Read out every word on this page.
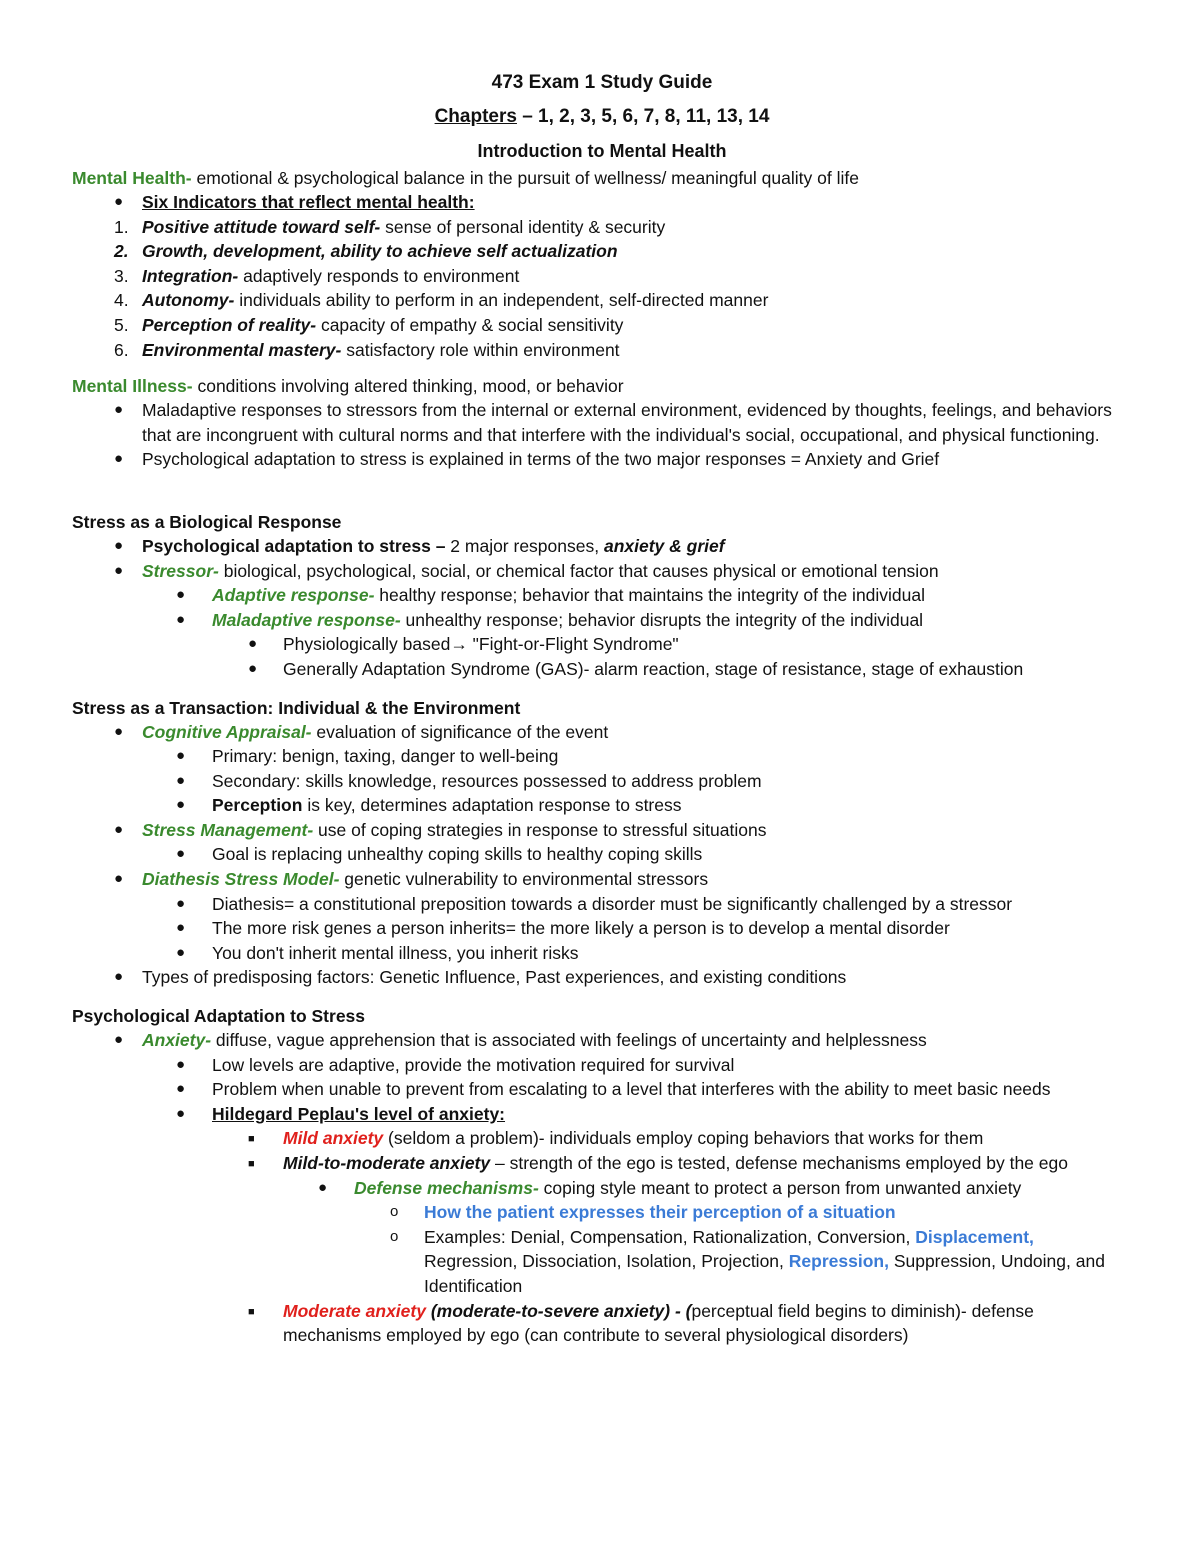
473 Exam 1 Study Guide
Chapters – 1, 2, 3, 5, 6, 7, 8, 11, 13, 14
Introduction to Mental Health

Mental Health- emotional & psychological balance in the pursuit of wellness/ meaningful quality of life

● Six Indicators that reflect mental health:
1. Positive attitude toward self- sense of personal identity & security
2. Growth, development, ability to achieve self actualization
3. Integration- adaptively responds to environment
4. Autonomy- individuals ability to perform in an independent, self-directed manner
5. Perception of reality- capacity of empathy & social sensitivity
6. Environmental mastery- satisfactory role within environment

Mental Illness- conditions involving altered thinking, mood, or behavior

● Maladaptive responses to stressors from the internal or external environment, evidenced by thoughts, feelings, and behaviors that are incongruent with cultural norms and that interfere with the individual's social, occupational, and physical functioning.
● Psychological adaptation to stress is explained in terms of the two major responses = Anxiety and Grief
Stress as a Biological Response
● Psychological adaptation to stress – 2 major responses, anxiety & grief
● Stressor- biological, psychological, social, or chemical factor that causes physical or emotional tension
● Adaptive response- healthy response; behavior that maintains the integrity of the individual
● Maladaptive response- unhealthy response; behavior disrupts the integrity of the individual
● Physiologically based→ "Fight-or-Flight Syndrome"
● Generally Adaptation Syndrome (GAS)- alarm reaction, stage of resistance, stage of exhaustion
Stress as a Transaction: Individual & the Environment
● Cognitive Appraisal- evaluation of significance of the event
● Primary: benign, taxing, danger to well-being
● Secondary: skills knowledge, resources possessed to address problem
● Perception is key, determines adaptation response to stress
● Stress Management- use of coping strategies in response to stressful situations
● Goal is replacing unhealthy coping skills to healthy coping skills
● Diathesis Stress Model- genetic vulnerability to environmental stressors
● Diathesis= a constitutional preposition towards a disorder must be significantly challenged by a stressor
● The more risk genes a person inherits= the more likely a person is to develop a mental disorder
● You don't inherit mental illness, you inherit risks
● Types of predisposing factors: Genetic Influence, Past experiences, and existing conditions
Psychological Adaptation to Stress
● Anxiety- diffuse, vague apprehension that is associated with feelings of uncertainty and helplessness
● Low levels are adaptive, provide the motivation required for survival
● Problem when unable to prevent from escalating to a level that interferes with the ability to meet basic needs
● Hildegard Peplau's level of anxiety:
■ Mild anxiety (seldom a problem)- individuals employ coping behaviors that works for them
■ Mild-to-moderate anxiety – strength of the ego is tested, defense mechanisms employed by the ego
● Defense mechanisms- coping style meant to protect a person from unwanted anxiety
o How the patient expresses their perception of a situation
o Examples: Denial, Compensation, Rationalization, Conversion, Displacement, Regression, Dissociation, Isolation, Projection, Repression, Suppression, Undoing, and Identification
■ Moderate anxiety (moderate-to-severe anxiety) - (perceptual field begins to diminish)- defense mechanisms employed by ego (can contribute to several physiological disorders)
